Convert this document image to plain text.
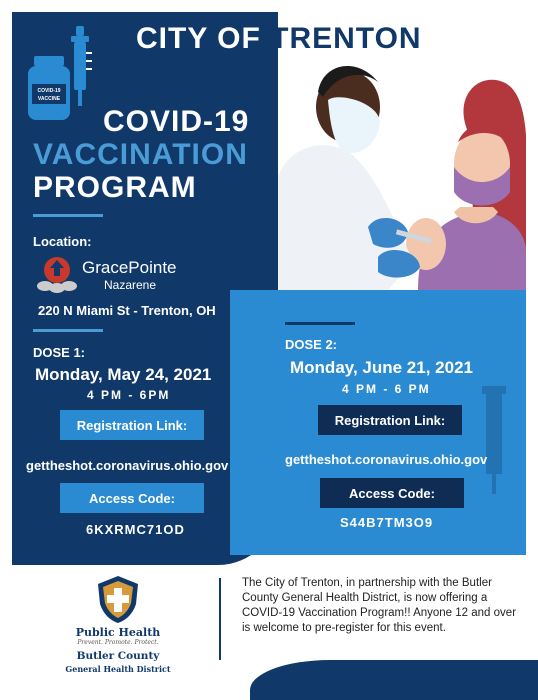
COVID-19
VACCINE
CITY OF TRENTON
COVID-19
VACCINATION
PROGRAM
Location:
GracePointe
Nazarene
220 N Miami St - Trenton, OH
DOSE 1:
Monday, May 24, 2021
4 PM - 6PM
Registration Link:
gettheshot.coronavirus.ohio.gov
Access Code:
6KXRMC71OD
DOSE 2:
Monday, June 21, 2021
4 PM - 6 PM
Registration Link:
gettheshot.coronavirus.ohio.gov
Access Code:
S44B7TM3O9
Public Health
Prevent. Promote. Protect.
Butler County
General Health District
The City of Trenton, in partnership with the Butler County General Health District, is now offering a COVID-19 Vaccination Program!! Anyone 12 and over is welcome to pre-register for this event.
